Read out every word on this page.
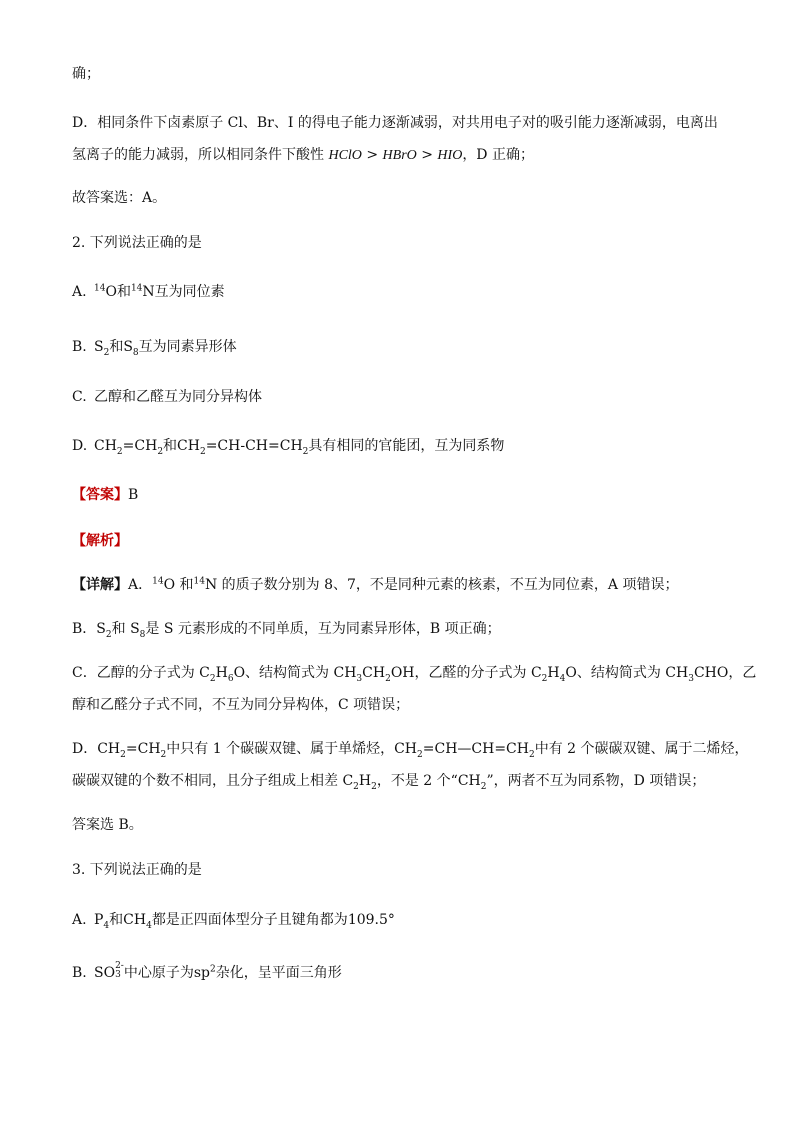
确；
D．相同条件下卤素原子 Cl、Br、I 的得电子能力逐渐减弱，对共用电子对的吸引能力逐渐减弱，电离出
氢离子的能力减弱，所以相同条件下酸性 HClO > HBrO > HIO，D 正确；
故答案选：A。
2. 下列说法正确的是
A. $^{14}$O和$^{14}$N互为同位素
B. $S_2$和$S_8$互为同素异形体
C. 乙醇和乙醛互为同分异构体
D. $CH_2=CH_2$和$CH_2=CH-CH=CH_2$具有相同的官能团，互为同系物
【答案】B
【解析】
【详解】A．$^{14}$O 和$^{14}$N 的质子数分别为 8、7，不是同种元素的核素，不互为同位素，A 项错误；
B．$S_2$和 $S_8$是 S 元素形成的不同单质，互为同素异形体，B 项正确；
C．乙醇的分子式为 $C_2H_6O$、结构简式为 $CH_3CH_2OH$，乙醛的分子式为 $C_2H_4O$、结构简式为 $CH_3CHO$，乙
醇和乙醛分子式不同，不互为同分异构体，C 项错误；
D．$CH_2=CH_2$中只有 1 个碳碳双键、属于单烯烃，$CH_2=CH—CH=CH_2$中有 2 个碳碳双键、属于二烯烃，
碳碳双键的个数不相同，且分子组成上相差 $C_2H_2$，不是 2 个“$CH_2$”，两者不互为同系物，D 项错误；
答案选 B。
3. 下列说法正确的是
A. $P_4$和$CH_4$都是正四面体型分子且键角都为109.5°
B. SO 2-
3 中心原子为$sp^2$杂化，呈平面三角形
